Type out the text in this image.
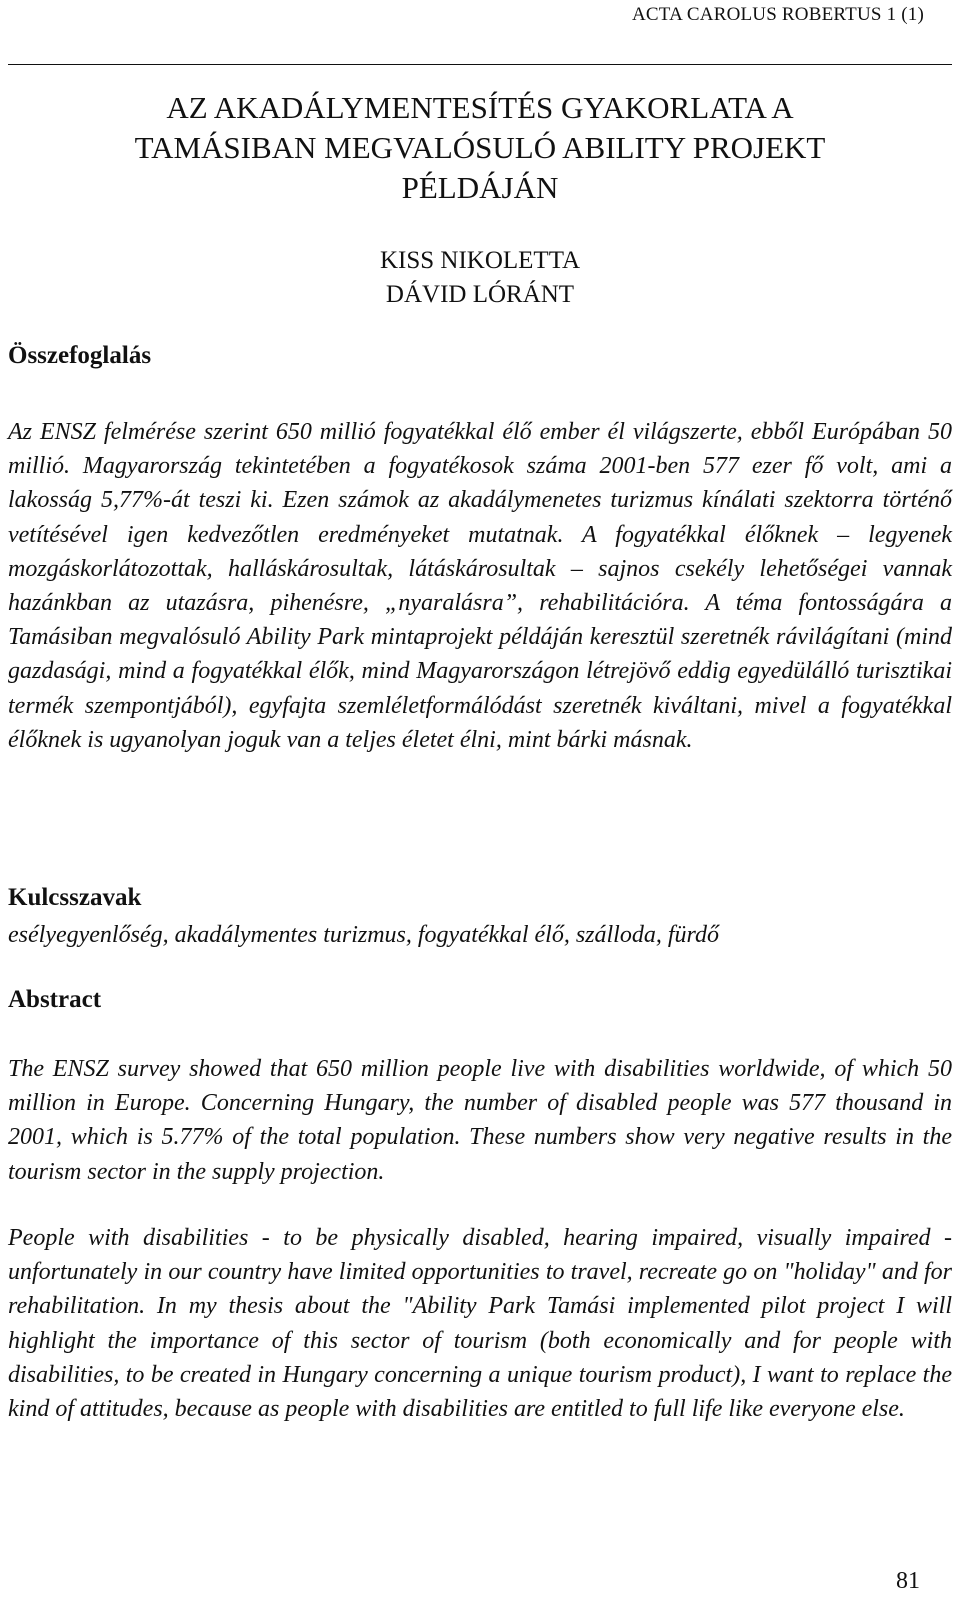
ACTA CAROLUS ROBERTUS 1 (1)
AZ AKADÁLYMENTESÍTÉS GYAKORLATA A
TAMÁSIBAN MEGVALÓSULÓ ABILITY PROJEKT
PÉLDÁJÁN
KISS NIKOLETTA
DÁVID LÓRÁNT
Összefoglalás

Az ENSZ felmérése szerint 650 millió fogyatékkal élő ember él világszerte, ebből Európában 50 millió. Magyarország tekintetében a fogyatékosok száma 2001-ben 577 ezer fő volt, ami a lakosság 5,77%-át teszi ki. Ezen számok az akadálymenetes turizmus kínálati szektorra történő vetítésével igen kedvezőtlen eredményeket mutatnak. A fogyatékkal élőknek – legyenek mozgáskorlátozottak, halláskárosultak, látáskárosultak – sajnos csekély lehetőségei vannak hazánkban az utazásra, pihenésre, „nyaralásra”, rehabilitációra. A téma fontosságára a Tamásiban megvalósuló Ability Park mintaprojekt példáján keresztül szeretnék rávilágítani (mind gazdasági, mind a fogyatékkal élők, mind Magyarországon létrejövő eddig egyedülálló turisztikai termék szempontjából), egyfajta szemléletformálódást szeretnék kiváltani, mivel a fogyatékkal élőknek is ugyanolyan joguk van a teljes életet élni, mint bárki másnak.

Kulcsszavak
esélyegyenlőség, akadálymentes turizmus, fogyatékkal élő, szálloda, fürdő
Abstract

The ENSZ survey showed that 650 million people live with disabilities worldwide, of which 50 million in Europe. Concerning Hungary, the number of disabled people was 577 thousand in 2001, which is 5.77% of the total population. These numbers show very negative results in the tourism sector in the supply projection.

People with disabilities - to be physically disabled, hearing impaired, visually impaired - unfortunately in our country have limited opportunities to travel, recreate go on "holiday" and for rehabilitation. In my thesis about the "Ability Park Tamási implemented pilot project I will highlight the importance of this sector of tourism (both economically and for people with disabilities, to be created in Hungary concerning a unique tourism product), I want to replace the kind of attitudes, because as people with disabilities are entitled to full life like everyone else.

81
